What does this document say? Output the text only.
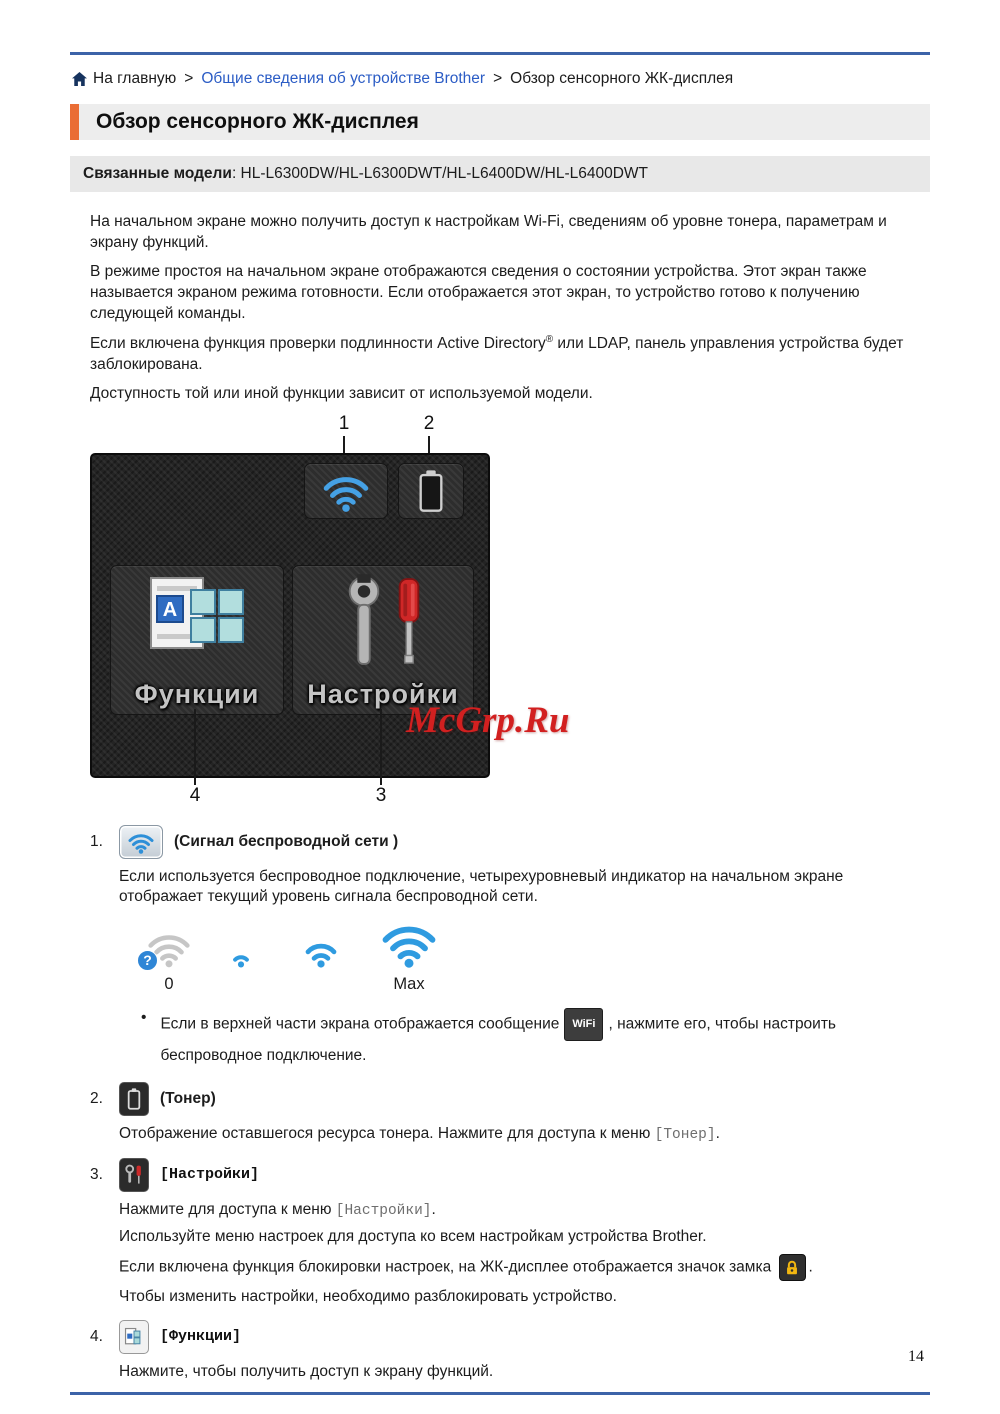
На главную > Общие сведения об устройстве Brother > Обзор сенсорного ЖК-дисплея
Обзор сенсорного ЖК-дисплея
Связанные модели: HL-L6300DW/HL-L6300DWT/HL-L6400DW/HL-L6400DWT

На начальном экране можно получить доступ к настройкам Wi-Fi, сведениям об уровне тонера, параметрам и экрану функций.

В режиме простоя на начальном экране отображаются сведения о состоянии устройства. Этот экран также называется экраном режима готовности. Если отображается этот экран, то устройство готово к получению следующей команды.

Если включена функция проверки подлинности Active Directory® или LDAP, панель управления устройства будет заблокирована.

Доступность той или иной функции зависит от используемой модели.

1	2
A
Функции Настройки
McGrp.Ru
4	3
1.	(Сигнал беспроводной сети )

Если используется беспроводное подключение, четырехуровневый индикатор на начальном экране отображает текущий уровень сигнала беспроводной сети.

?
0	Max
• Если в верхней части экрана отображается сообщение WiFi , нажмите его, чтобы настроить беспроводное подключение.
2.	(Тонер)

Отображение оставшегося ресурса тонера. Нажмите для доступа к меню [Тонер].

3.	[Настройки]

Нажмите для доступа к меню [Настройки].

Используйте меню настроек для доступа ко всем настройкам устройства Brother.

Если включена функция блокировки настроек, на ЖК-дисплее отображается значок замка
.

Чтобы изменить настройки, необходимо разблокировать устройство.

4.	[Функции]

Нажмите, чтобы получить доступ к экрану функций.

14
